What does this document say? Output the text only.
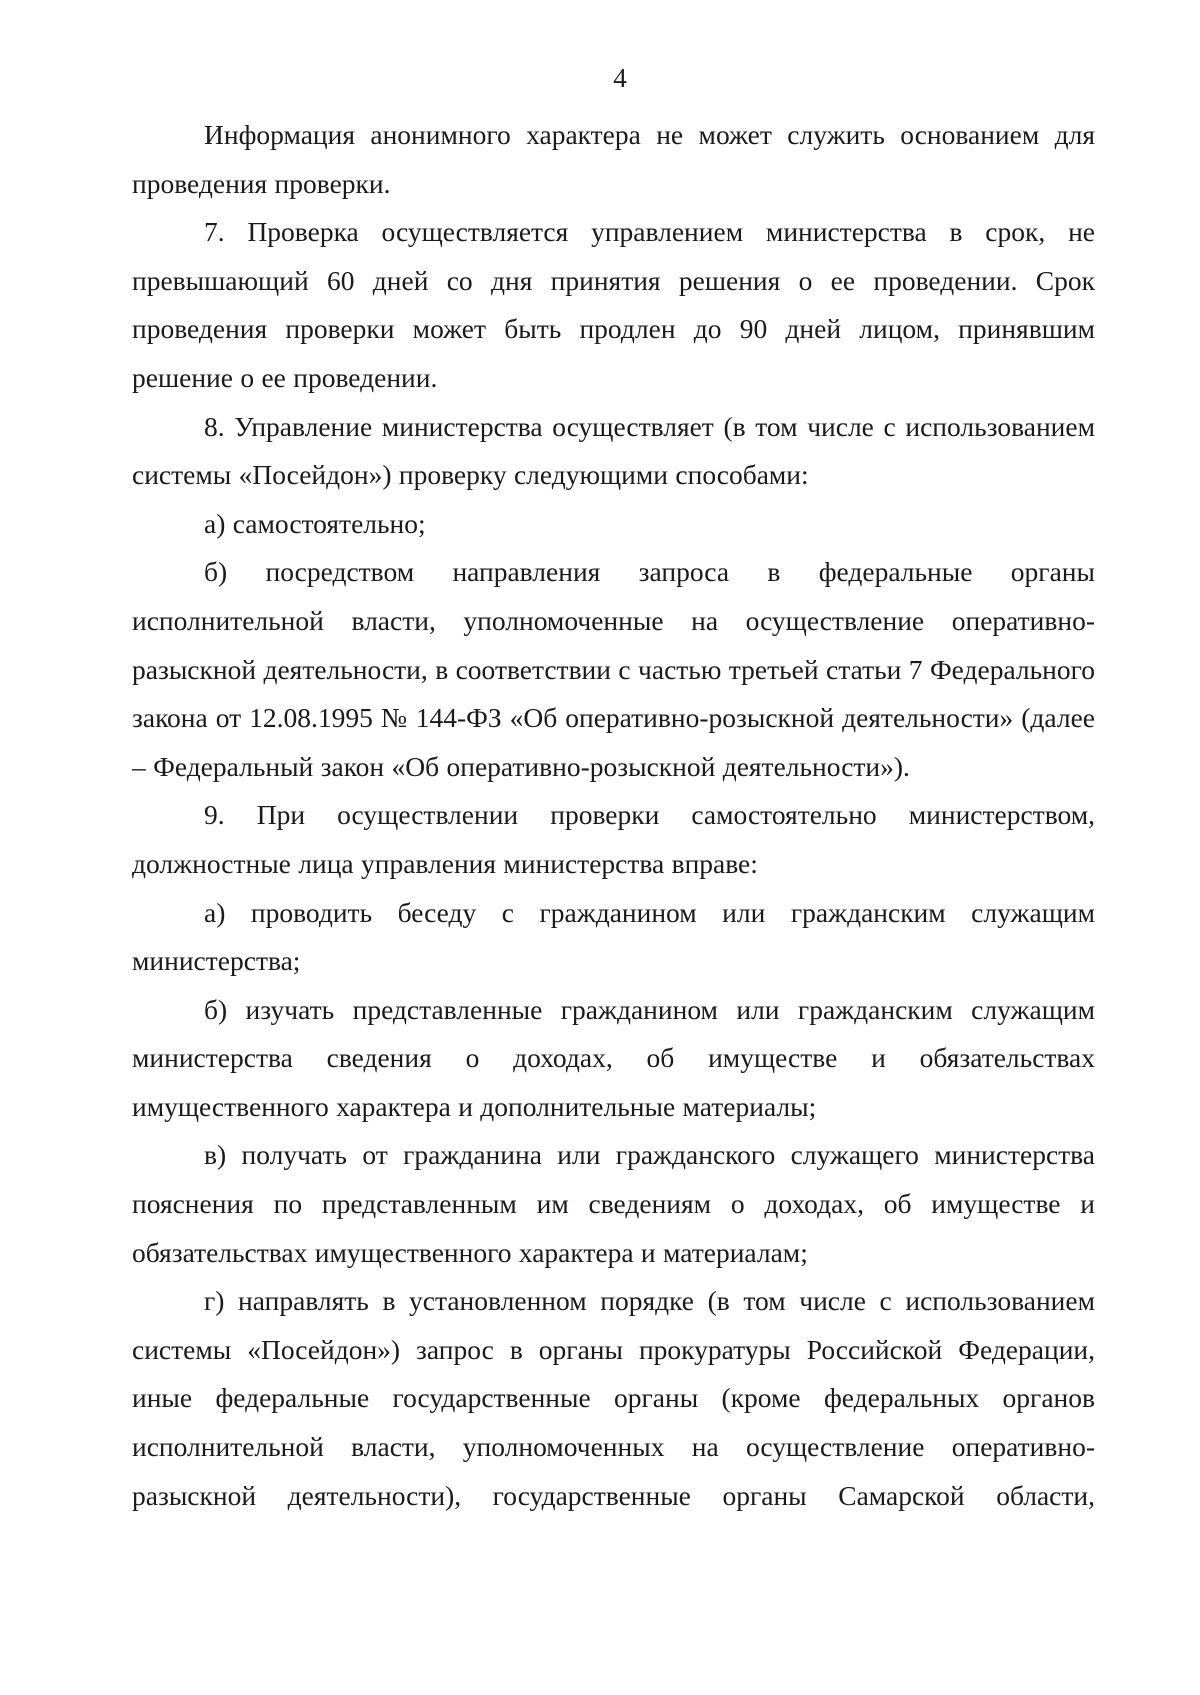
4

Информация анонимного характера не может служить основанием для проведения проверки.

7. Проверка осуществляется управлением министерства в срок, не превышающий 60 дней со дня принятия решения о ее проведении. Срок проведения проверки может быть продлен до 90 дней лицом, принявшим решение о ее проведении.

8. Управление министерства осуществляет (в том числе с использованием системы «Посейдон») проверку следующими способами:

а) самостоятельно;

б) посредством направления запроса в федеральные органы исполнительной власти, уполномоченные на осуществление оперативно-разыскной деятельности, в соответствии с частью третьей статьи 7 Федерального закона от 12.08.1995 № 144-ФЗ «Об оперативно-розыскной деятельности» (далее – Федеральный закон «Об оперативно-розыскной деятельности»).

9. При осуществлении проверки самостоятельно министерством, должностные лица управления министерства вправе:

а) проводить беседу с гражданином или гражданским служащим министерства;

б) изучать представленные гражданином или гражданским служащим министерства сведения о доходах, об имуществе и обязательствах имущественного характера и дополнительные материалы;

в) получать от гражданина или гражданского служащего министерства пояснения по представленным им сведениям о доходах, об имуществе и обязательствах имущественного характера и материалам;

г) направлять в установленном порядке (в том числе с использованием системы «Посейдон») запрос в органы прокуратуры Российской Федерации, иные федеральные государственные органы (кроме федеральных органов исполнительной власти, уполномоченных на осуществление оперативно-разыскной деятельности), государственные органы Самарской области,
